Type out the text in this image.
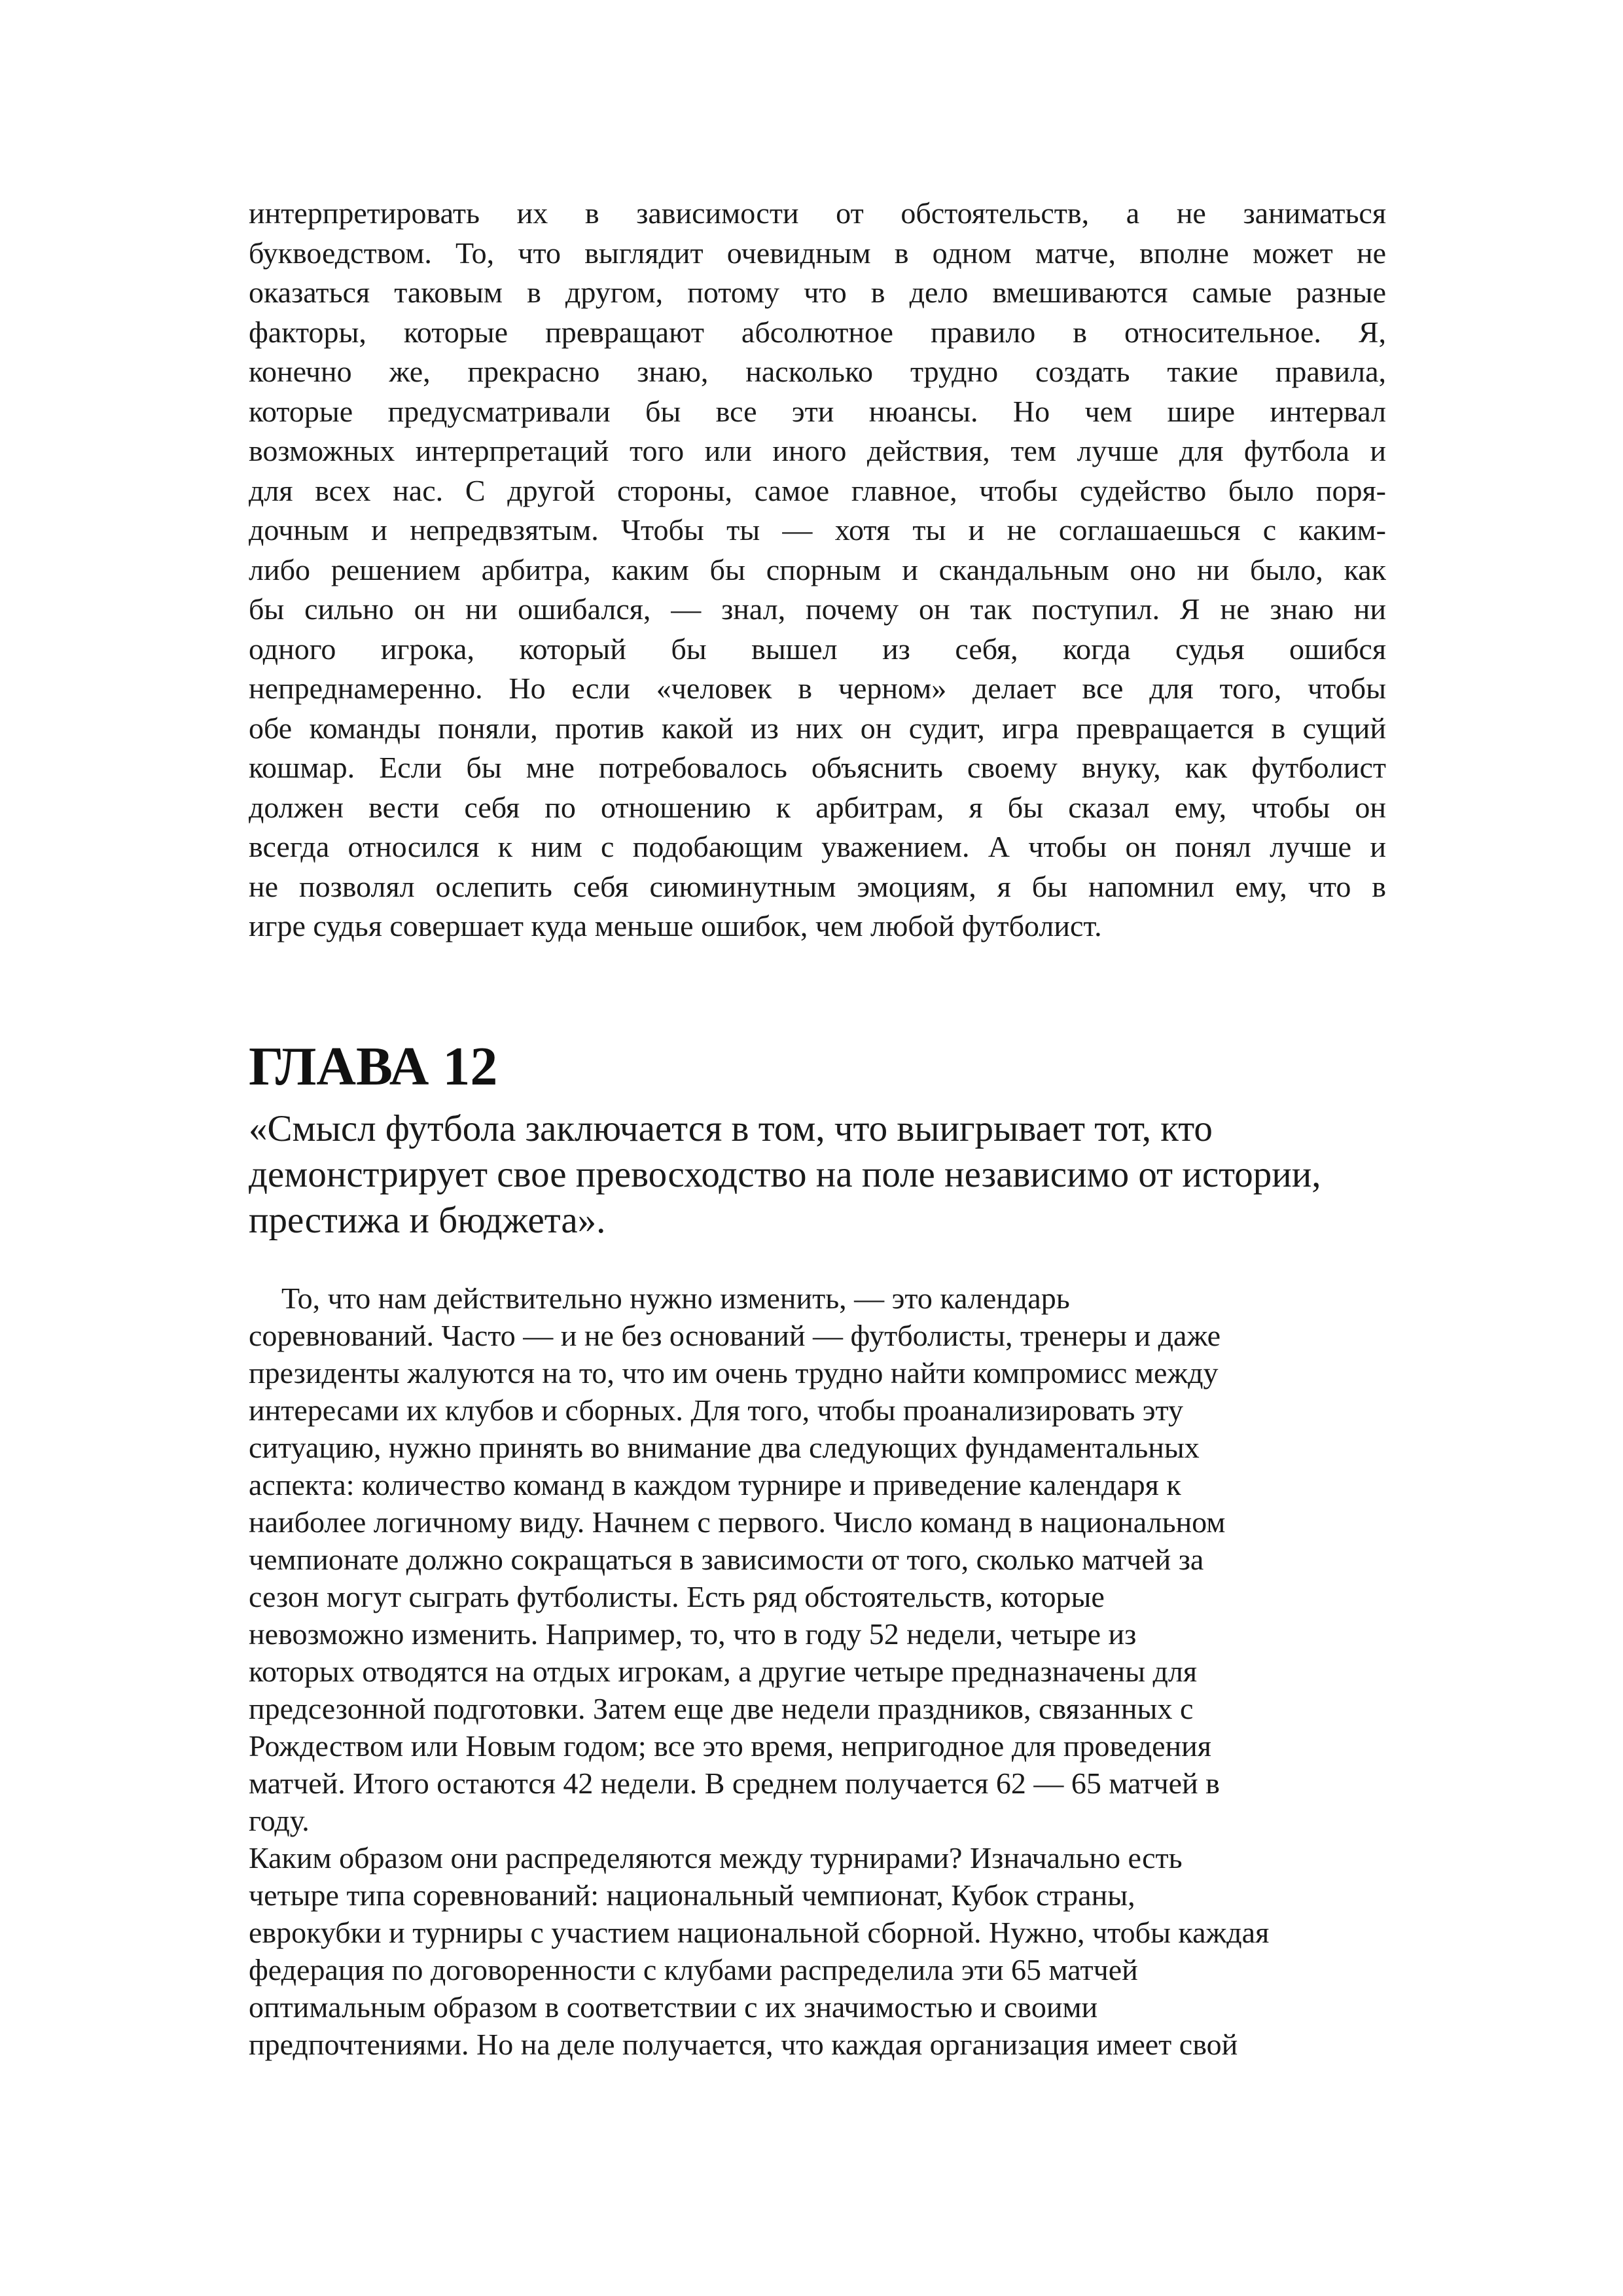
интерпретировать их в зависимости от обстоятельств, а не заниматься
буквоедством. То, что выглядит очевидным в одном матче, вполне может не
оказаться таковым в другом, потому что в дело вмешиваются самые разные
факторы, которые превращают абсолютное правило в относительное. Я,
конечно же, прекрасно знаю, насколько трудно создать такие правила,
которые предусматривали бы все эти нюансы. Но чем шире интервал
возможных интерпретаций того или иного действия, тем лучше для футбола и
для всех нас. С другой стороны, самое главное, чтобы судейство было поря-
дочным и непредвзятым. Чтобы ты — хотя ты и не соглашаешься с каким-
либо решением арбитра, каким бы спорным и скандальным оно ни было, как
бы сильно он ни ошибался, — знал, почему он так поступил. Я не знаю ни
одного игрока, который бы вышел из себя, когда судья ошибся
непреднамеренно. Но если «человек в черном» делает все для того, чтобы
обе команды поняли, против какой из них он судит, игра превращается в сущий
кошмар. Если бы мне потребовалось объяснить своему внуку, как футболист
должен вести себя по отношению к арбитрам, я бы сказал ему, чтобы он
всегда относился к ним с подобающим уважением. А чтобы он понял лучше и
не позволял ослепить себя сиюминутным эмоциям, я бы напомнил ему, что в
игре судья совершает куда меньше ошибок, чем любой футболист.
ГЛАВА 12
«Смысл футбола заключается в том, что выигрывает тот, кто
демонстрирует свое превосходство на поле независимо от истории,
престижа и бюджета».
То, что нам действительно нужно изменить, — это календарь
соревнований. Часто — и не без оснований — футболисты, тренеры и даже
президенты жалуются на то, что им очень трудно найти компромисс между
интересами их клубов и сборных. Для того, чтобы проанализировать эту
ситуацию, нужно принять во внимание два следующих фундаментальных
аспекта: количество команд в каждом турнире и приведение календаря к
наиболее логичному виду. Начнем с первого. Число команд в национальном
чемпионате должно сокращаться в зависимости от того, сколько матчей за
сезон могут сыграть футболисты. Есть ряд обстоятельств, которые
невозможно изменить. Например, то, что в году 52 недели, четыре из
которых отводятся на отдых игрокам, а другие четыре предназначены для
предсезонной подготовки. Затем еще две недели праздников, связанных с
Рождеством или Новым годом; все это время, непригодное для проведения
матчей. Итого остаются 42 недели. В среднем получается 62 — 65 матчей в
году.
Каким образом они распределяются между турнирами? Изначально есть
четыре типа соревнований: национальный чемпионат, Кубок страны,
еврокубки и турниры с участием национальной сборной. Нужно, чтобы каждая
федерация по договоренности с клубами распределила эти 65 матчей
оптимальным образом в соответствии с их значимостью и своими
предпочтениями. Но на деле получается, что каждая организация имеет свой
